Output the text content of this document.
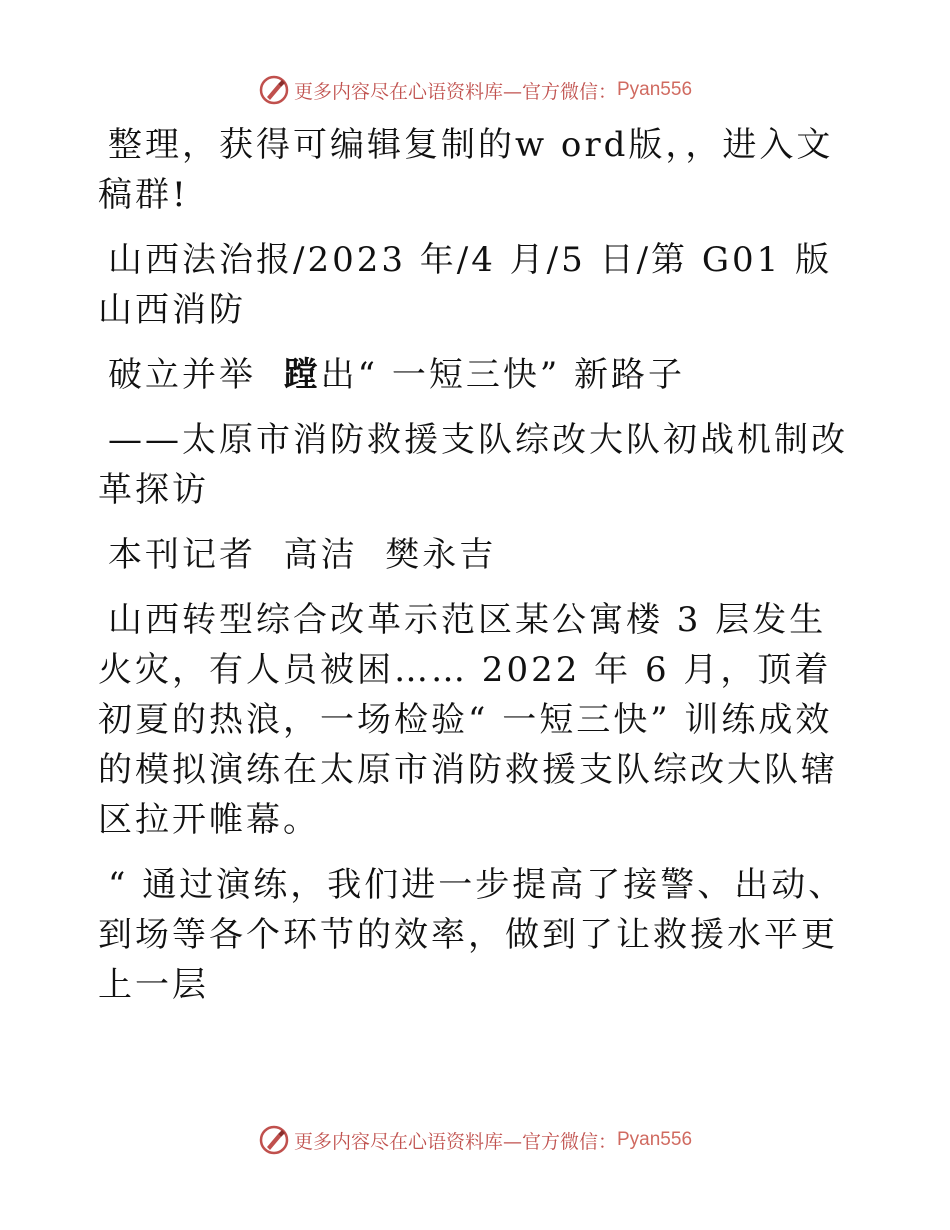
更多内容尽在心语资料库—官方微信： Pyan556

整理，获得可编辑复制的w ord版，，进入文稿群!

山西法治报/2023 年/4 月/5 日/第 G01 版山西消防

破立并举  蹚出“ 一短三快” 新路子

——太原市消防救援支队综改大队初战机制改革探访

本刊记者  高洁  樊永吉

山西转型综合改革示范区某公寓楼 3 层发生火灾，有人员被困…… 2022 年 6 月，顶着初夏的热浪，一场检验“ 一短三快” 训练成效的模拟演练在太原市消防救援支队综改大队辖区拉开帷幕。

“ 通过演练，我们进一步提高了接警、出动、到场等各个环节的效率，做到了让救援水平更上一层

更多内容尽在心语资料库—官方微信： Pyan556
